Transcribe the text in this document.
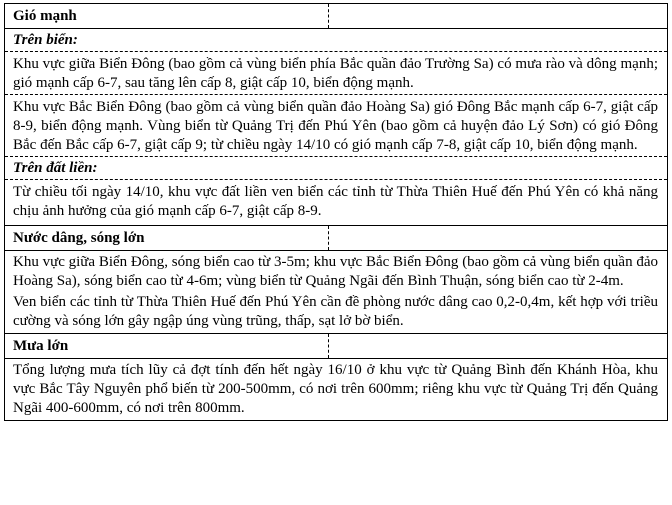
Gió mạnh
Trên biển:

Khu vực giữa Biển Đông (bao gồm cả vùng biển phía Bắc quần đảo Trường Sa) có mưa rào và dông mạnh; gió mạnh cấp 6-7, sau tăng lên cấp 8, giật cấp 10, biển động mạnh.

Khu vực Bắc Biển Đông (bao gồm cả vùng biển quần đảo Hoàng Sa) gió Đông Bắc mạnh cấp 6-7, giật cấp 8-9, biển động mạnh. Vùng biển từ Quảng Trị đến Phú Yên (bao gồm cả huyện đảo Lý Sơn) có gió Đông Bắc đến Bắc cấp 6-7, giật cấp 9; từ chiều ngày 14/10 có gió mạnh cấp 7-8, giật cấp 10, biển động mạnh.

Trên đất liền:

Từ chiều tối ngày 14/10, khu vực đất liền ven biển các tỉnh từ Thừa Thiên Huế đến Phú Yên có khả năng chịu ảnh hưởng của gió mạnh cấp 6-7, giật cấp 8-9.

Nước dâng, sóng lớn

Khu vực giữa Biển Đông, sóng biển cao từ 3-5m; khu vực Bắc Biển Đông (bao gồm cả vùng biển quần đảo Hoàng Sa), sóng biển cao từ 4-6m; vùng biển từ Quảng Ngãi đến Bình Thuận, sóng biển cao từ 2-4m.

Ven biển các tỉnh từ Thừa Thiên Huế đến Phú Yên cần đề phòng nước dâng cao 0,2-0,4m, kết hợp với triều cường và sóng lớn gây ngập úng vùng trũng, thấp, sạt lở bờ biển.

Mưa lớn

Tổng lượng mưa tích lũy cả đợt tính đến hết ngày 16/10 ở khu vực từ Quảng Bình đến Khánh Hòa, khu vực Bắc Tây Nguyên phổ biến từ 200-500mm, có nơi trên 600mm; riêng khu vực từ Quảng Trị đến Quảng Ngãi 400-600mm, có nơi trên 800mm.
